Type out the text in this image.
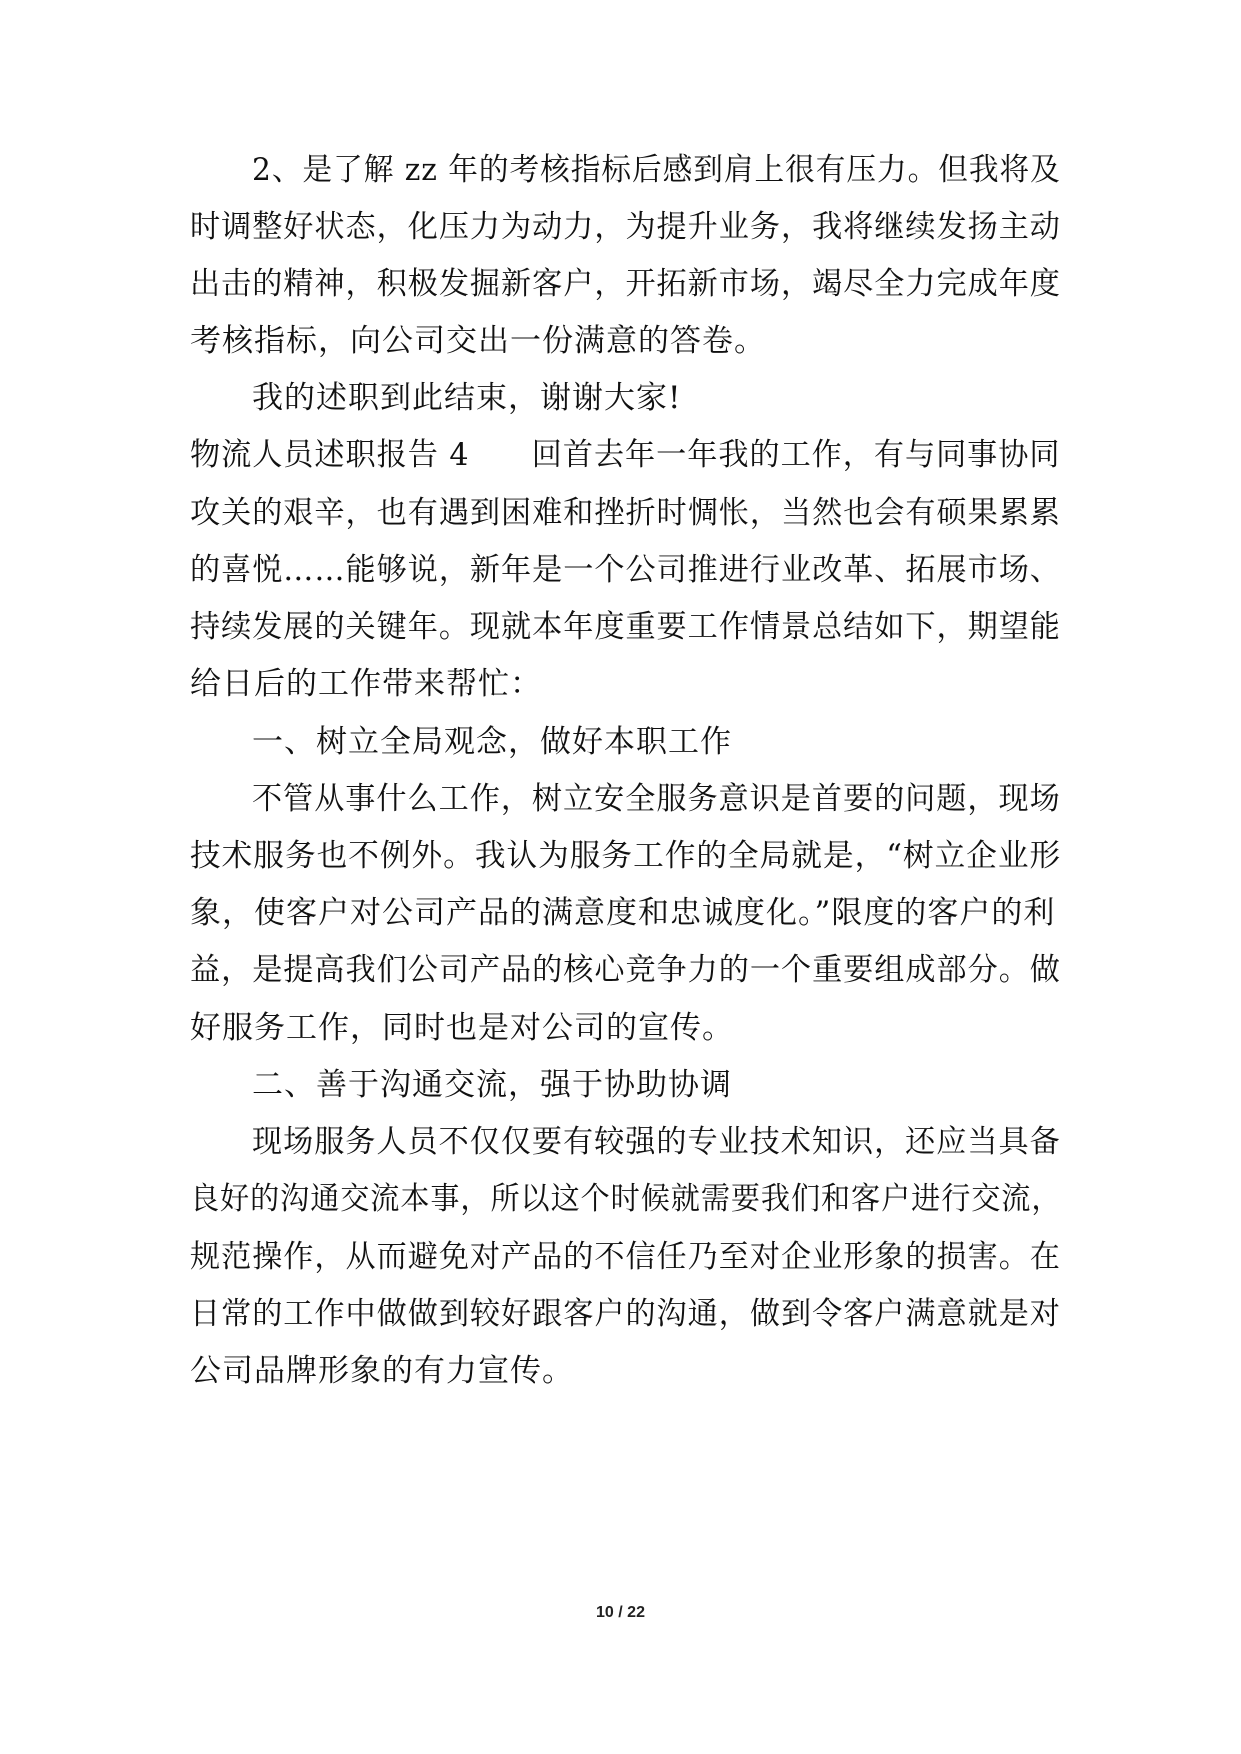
2、是了解 zz 年的考核指标后感到肩上很有压力。但我将及
时调整好状态，化压力为动力，为提升业务，我将继续发扬主动
出击的精神，积极发掘新客户，开拓新市场，竭尽全力完成年度
考核指标，向公司交出一份满意的答卷。
我的述职到此结束，谢谢大家!
物流人员述职报告 4　　回首去年一年我的工作，有与同事协同
攻关的艰辛，也有遇到困难和挫折时惆怅，当然也会有硕果累累
的喜悦……能够说，新年是一个公司推进行业改革、拓展市场、
持续发展的关键年。现就本年度重要工作情景总结如下，期望能
给日后的工作带来帮忙：
一、树立全局观念，做好本职工作
不管从事什么工作，树立安全服务意识是首要的问题，现场
技术服务也不例外。我认为服务工作的全局就是，“树立企业形
象，使客户对公司产品的满意度和忠诚度化。”限度的客户的利
益，是提高我们公司产品的核心竞争力的一个重要组成部分。做
好服务工作，同时也是对公司的宣传。
二、善于沟通交流，强于协助协调
现场服务人员不仅仅要有较强的专业技术知识，还应当具备
良好的沟通交流本事，所以这个时候就需要我们和客户进行交流，
规范操作，从而避免对产品的不信任乃至对企业形象的损害。在
日常的工作中做做到较好跟客户的沟通，做到令客户满意就是对
公司品牌形象的有力宣传。
10 / 22
